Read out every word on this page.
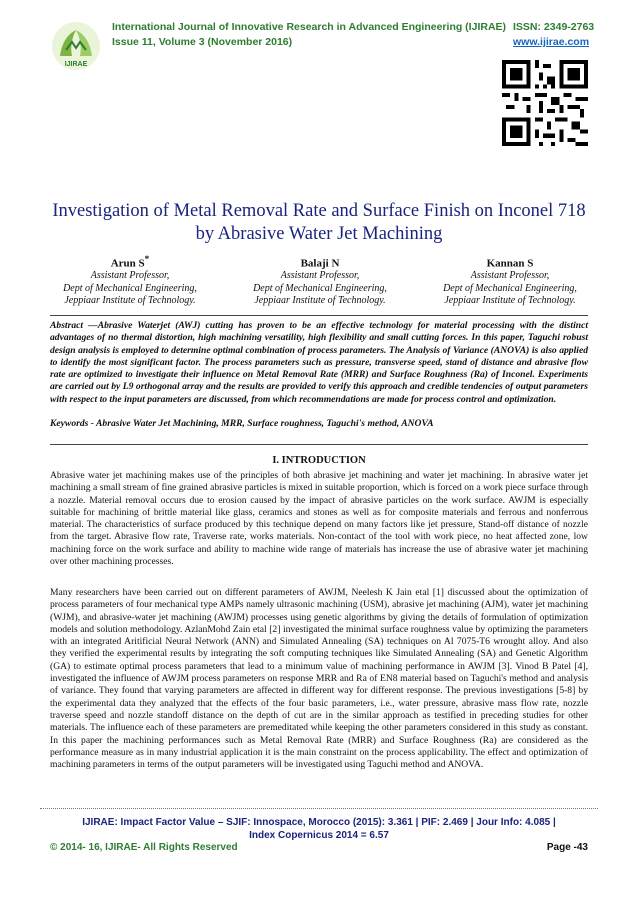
IJIRAE
International Journal of Innovative Research in Advanced Engineering (IJIRAE)
Issue 11, Volume 3 (November 2016)
ISSN: 2349-2763
www.ijirae.com
Investigation of Metal Removal Rate and Surface Finish on Inconel 718 by Abrasive Water Jet Machining
Arun S*
Assistant Professor,
Dept of Mechanical Engineering,
Jeppiaar Institute of Technology.
Balaji N
Assistant Professor,
Dept of Mechanical Engineering,
Jeppiaar Institute of Technology.
Kannan S
Assistant Professor,
Dept of Mechanical Engineering,
Jeppiaar Institute of Technology.
Abstract —Abrasive Waterjet (AWJ) cutting has proven to be an effective technology for material processing with the distinct advantages of no thermal distortion, high machining versatility, high flexibility and small cutting forces. In this paper, Taguchi robust design analysis is employed to determine optimal combination of process parameters. The Analysis of Variance (ANOVA) is also applied to identify the most significant factor. The process parameters such as pressure, transverse speed, stand of distance and abrasive flow rate are optimized to investigate their influence on Metal Removal Rate (MRR) and Surface Roughness (Ra) of Inconel. Experiments are carried out by L9 orthogonal array and the results are provided to verify this approach and credible tendencies of output parameters with respect to the input parameters are discussed, from which recommendations are made for process control and optimization.
Keywords - Abrasive Water Jet Machining, MRR, Surface roughness, Taguchi's method, ANOVA
I. INTRODUCTION
Abrasive water jet machining makes use of the principles of both abrasive jet machining and water jet machining. In abrasive water jet machining a small stream of fine grained abrasive particles is mixed in suitable proportion, which is forced on a work piece surface through a nozzle. Material removal occurs due to erosion caused by the impact of abrasive particles on the work surface. AWJM is especially suitable for machining of brittle material like glass, ceramics and stones as well as for composite materials and ferrous and nonferrous material. The characteristics of surface produced by this technique depend on many factors like jet pressure, Stand-off distance of nozzle from the target. Abrasive flow rate, Traverse rate, works materials. Non-contact of the tool with work piece, no heat affected zone, low machining force on the work surface and ability to machine wide range of materials has increase the use of abrasive water jet machining over other machining processes.
Many researchers have been carried out on different parameters of AWJM, Neelesh K Jain etal [1] discussed about the optimization of process parameters of four mechanical type AMPs namely ultrasonic machining (USM), abrasive jet machining (AJM), water jet machining (WJM), and abrasive-water jet machining (AWJM) processes using genetic algorithms by giving the details of formulation of optimization models and solution methodology. AzlanMohd Zain etal [2] investigated the minimal surface roughness value by optimizing the parameters with an integrated Aritificial Neural Network (ANN) and Simulated Annealing (SA) techniques on Al 7075-T6 wrought alloy. And also they verified the experimental results by integrating the soft computing techniques like Simulated Annealing (SA) and Genetic Algorithm (GA) to estimate optimal process parameters that lead to a minimum value of machining performance in AWJM [3]. Vinod B Patel [4], investigated the influence of AWJM process parameters on response MRR and Ra of EN8 material based on Taguchi's method and analysis of variance. They found that varying parameters are affected in different way for different response. The previous investigations [5-8] by the experimental data they analyzed that the effects of the four basic parameters, i.e., water pressure, abrasive mass flow rate, nozzle traverse speed and nozzle standoff distance on the depth of cut are in the similar approach as testified in preceding studies for other materials. The influence each of these parameters are premeditated while keeping the other parameters considered in this study as constant. In this paper the machining performances such as Metal Removal Rate (MRR) and Surface Roughness (Ra) are considered as the performance measure as in many industrial application it is the main constraint on the process applicability. The effect and optimization of machining parameters in terms of the output parameters will be investigated using Taguchi method and ANOVA.
IJIRAE: Impact Factor Value – SJIF: Innospace, Morocco (2015): 3.361 | PIF: 2.469 | Jour Info: 4.085 |
Index Copernicus 2014 = 6.57
© 2014- 16, IJIRAE- All Rights Reserved	Page -43
